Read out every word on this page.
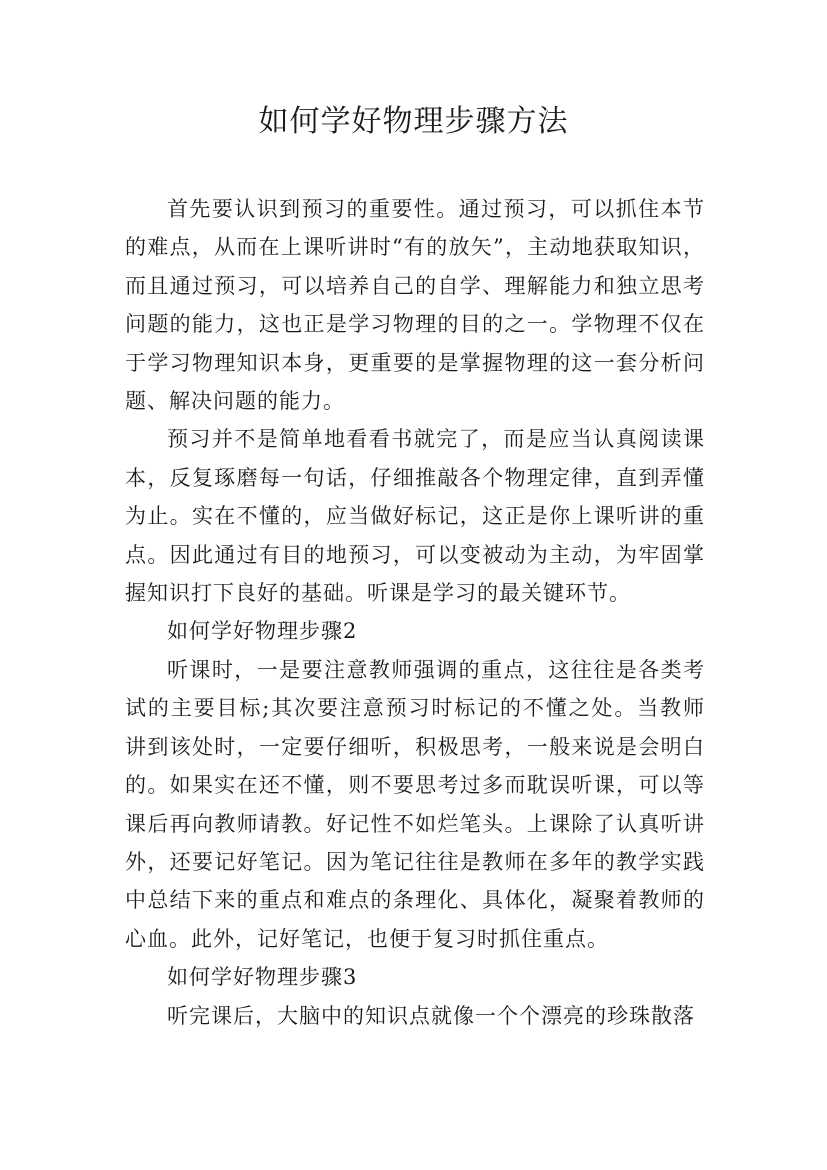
如何学好物理步骤方法

首先要认识到预习的重要性。通过预习，可以抓住本节的难点，从而在上课听讲时“有的放矢”，主动地获取知识，而且通过预习，可以培养自己的自学、理解能力和独立思考问题的能力，这也正是学习物理的目的之一。学物理不仅在于学习物理知识本身，更重要的是掌握物理的这一套分析问题、解决问题的能力。

预习并不是简单地看看书就完了，而是应当认真阅读课本，反复琢磨每一句话，仔细推敲各个物理定律，直到弄懂为止。实在不懂的，应当做好标记，这正是你上课听讲的重点。因此通过有目的地预习，可以变被动为主动，为牢固掌握知识打下良好的基础。听课是学习的最关键环节。

如何学好物理步骤2

听课时，一是要注意教师强调的重点，这往往是各类考试的主要目标;其次要注意预习时标记的不懂之处。当教师讲到该处时，一定要仔细听，积极思考，一般来说是会明白的。如果实在还不懂，则不要思考过多而耽误听课，可以等课后再向教师请教。好记性不如烂笔头。上课除了认真听讲外，还要记好笔记。因为笔记往往是教师在多年的教学实践中总结下来的重点和难点的条理化、具体化，凝聚着教师的心血。此外，记好笔记，也便于复习时抓住重点。

如何学好物理步骤3

听完课后，大脑中的知识点就像一个个漂亮的珍珠散落
